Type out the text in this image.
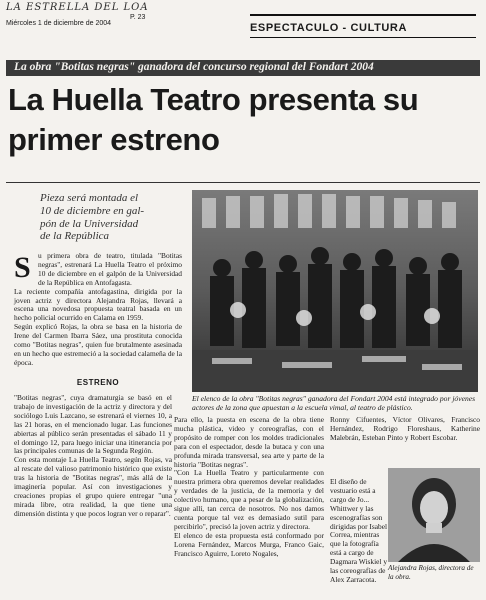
LA ESTRELLA DEL LOA
Miércoles 1 de diciembre de 2004
P. 23
ESPECTACULO - CULTURA
La obra "Botitas negras" ganadora del concurso regional del Fondart 2004
La Huella Teatro presenta su
primer estreno
Pieza será montada el
10 de diciembre en gal-
pón de la Universidad
de la República
El elenco de la obra "Botitas negras" ganadora del Fondart 2004 está integrado por jóvenes actores de la zona que apuestan a la escuela vimal, al teatro de plástico.
S u primera obra de teatro, titulada "Botitas negras", estrenará La Huella Teatro el próximo 10 de diciembre en el galpón de la Universidad de la República en Antofagasta.

La reciente compañía antofagastina, dirigida por la joven actriz y directora Alejandra Rojas, llevará a escena una novedosa propuesta teatral basada en un hecho policial ocurrido en Calama en 1959.

Según explicó Rojas, la obra se basa en la historia de Irene del Carmen Ibarra Sáez, una prostituta conocida como "Botitas negras", quien fue brutalmente asesinada en un hecho que estremeció a la sociedad calameña de la época.

ESTRENO

"Botitas negras", cuya dramaturgia se basó en el trabajo de investigación de la actriz y directora y del sociólogo Luis Lazcano, se estrenará el viernes 10, a las 21 horas, en el mencionado lugar. Las funciones abiertas al público serán presentadas el sábado 11 y el domingo 12, para luego iniciar una itinerancia por las principales comunas de la Segunda Región.

Con esta montaje La Huella Teatro, según Rojas, va al rescate del valioso patrimonio histórico que existe tras la historia de "Botitas negras", más allá de la imaginería popular. Así con investigaciones y creaciones propias el grupo quiere entregar "una mirada libre, otra realidad, la que tiene una dimensión distinta y que pocos logran ver o reparar".

Para ello, la puesta en escena de la obra tiene mucha plástica, video y coreografías, con el propósito de romper con los moldes tradicionales para con el espectador, desde la butaca y con una profunda mirada transversal, sea arte y parte de la historia "Botitas negras".

"Con La Huella Teatro y particularmente con nuestra primera obra queremos develar realidades y verdades de la justicia, de la memoria y del colectivo humano, que a pesar de la globalización, sigue allí, tan cerca de nosotros. No nos damos cuenta porque tal vez es demasiado sutil para percibirlo", precisó la joven actriz y directora.

El elenco de esta propuesta está conformado por Lorena Fernández, Marcos Murga, Franco Gaic, Francisco Aguirre, Loreto Nogales,

Ronny Cifuentes, Víctor Olivares, Francisco Hernández, Rodrigo Floreshaus, Katherine Malebrán, Esteban Pinto y Robert Escobar.
El diseño de vestuario está a cargo de Jo... Whittwer y las escenografías son dirigidas por Isabel Correa, mientras que la fotografía está a cargo de Dagmara Wiskiel y las coreografías de Alex Zarracota.
Alejandra Rojas, directora de la obra.
